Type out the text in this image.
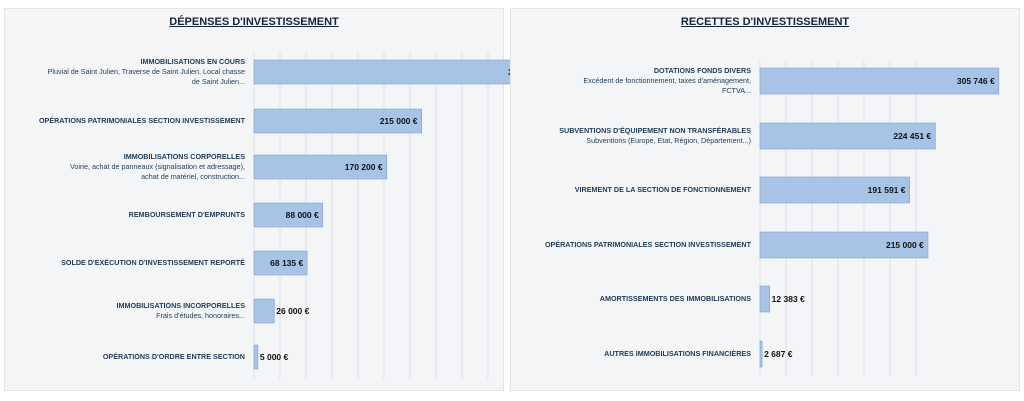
DÉPENSES D'INVESTISSEMENT
IMMOBILISATIONS EN COURS
Pluvial de Saint Julien, Traverse de Saint Julien, Local chasse
de Saint Julien...
215 000 €
OPÉRATIONS PATRIMONIALES SECTION INVESTISSEMENT
170 200 €
IMMOBILISATIONS CORPORELLES
Voirie, achat de panneaux (signalisation et adressage),
achat de matériel, construction...
88 000 €
REMBOURSEMENT D'EMPRUNTS
68 135 €
SOLDE D'EXÉCUTION D'INVESTISSEMENT REPORTÉ
26 000 €
IMMOBILISATIONS INCORPORELLES
Frais d'études, honoraires...
5 000 €
OPÉRATIONS D'ORDRE ENTRE SECTION
RECETTES D'INVESTISSEMENT
305 746 €
DOTATIONS FONDS DIVERS
Excédent de fonctionnement, taxes d'aménagement,
FCTVA...
224 451 €
SUBVENTIONS D'ÉQUIPEMENT NON TRANSFÉRABLES
Subventions (Europe, Etat, Région, Département...)
191 591 €
VIREMENT DE LA SECTION DE FONCTIONNEMENT
215 000 €
OPÉRATIONS PATRIMONIALES SECTION INVESTISSEMENT
12 383 €
AMORTISSEMENTS DES IMMOBILISATIONS
2 687 €
AUTRES IMMOBILISATIONS FINANCIÈRES
